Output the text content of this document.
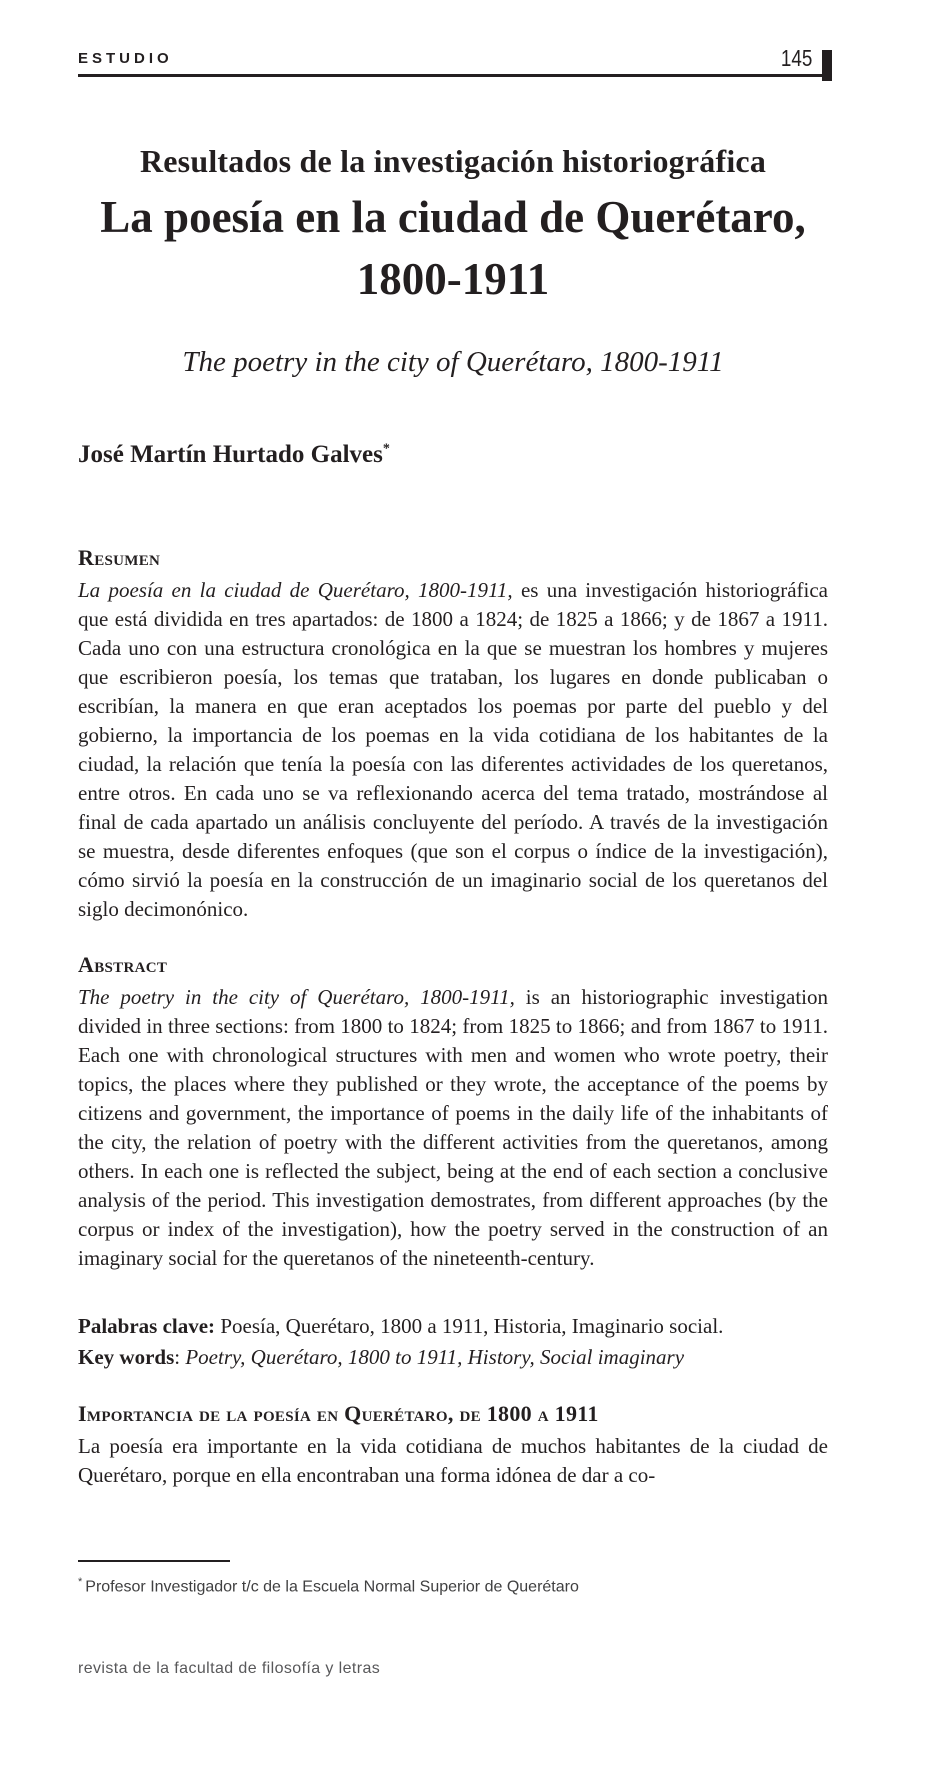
ESTUDIO	145
Resultados de la investigación historiográfica
La poesía en la ciudad de Querétaro,
1800-1911
The poetry in the city of Querétaro, 1800-1911
José Martín Hurtado Galves*
Resumen

La poesía en la ciudad de Querétaro, 1800-1911, es una investigación historiográfica que está dividida en tres apartados: de 1800 a 1824; de 1825 a 1866; y de 1867 a 1911. Cada uno con una estructura cronológica en la que se muestran los hombres y mujeres que escribieron poesía, los temas que trataban, los lugares en donde publicaban o escribían, la manera en que eran aceptados los poemas por parte del pueblo y del gobierno, la importancia de los poemas en la vida cotidiana de los habitantes de la ciudad, la relación que tenía la poesía con las diferentes actividades de los queretanos, entre otros. En cada uno se va reflexionando acerca del tema tratado, mostrándose al final de cada apartado un análisis concluyente del período. A través de la investigación se muestra, desde diferentes enfoques (que son el corpus o índice de la investigación), cómo sirvió la poesía en la construcción de un imaginario social de los queretanos del siglo decimonónico.

Abstract

The poetry in the city of Querétaro, 1800-1911, is an historiographic investigation divided in three sections: from 1800 to 1824; from 1825 to 1866; and from 1867 to 1911. Each one with chronological structures with men and women who wrote poetry, their topics, the places where they published or they wrote, the acceptance of the poems by citizens and government, the importance of poems in the daily life of the inhabitants of the city, the relation of poetry with the different activities from the queretanos, among others. In each one is reflected the subject, being at the end of each section a conclusive analysis of the period. This investigation demostrates, from different approaches (by the corpus or index of the investigation), how the poetry served in the construction of an imaginary social for the queretanos of the nineteenth-century.

Palabras clave: Poesía, Querétaro, 1800 a 1911, Historia, Imaginario social.

Key words: Poetry, Querétaro, 1800 to 1911, History, Social imaginary

Importancia de la poesía en Querétaro, de 1800 a 1911

La poesía era importante en la vida cotidiana de muchos habitantes de la ciudad de Querétaro, porque en ella encontraban una forma idónea de dar a co-

* Profesor Investigador t/c de la Escuela Normal Superior de Querétaro
revista de la facultad de filosofía y letras
